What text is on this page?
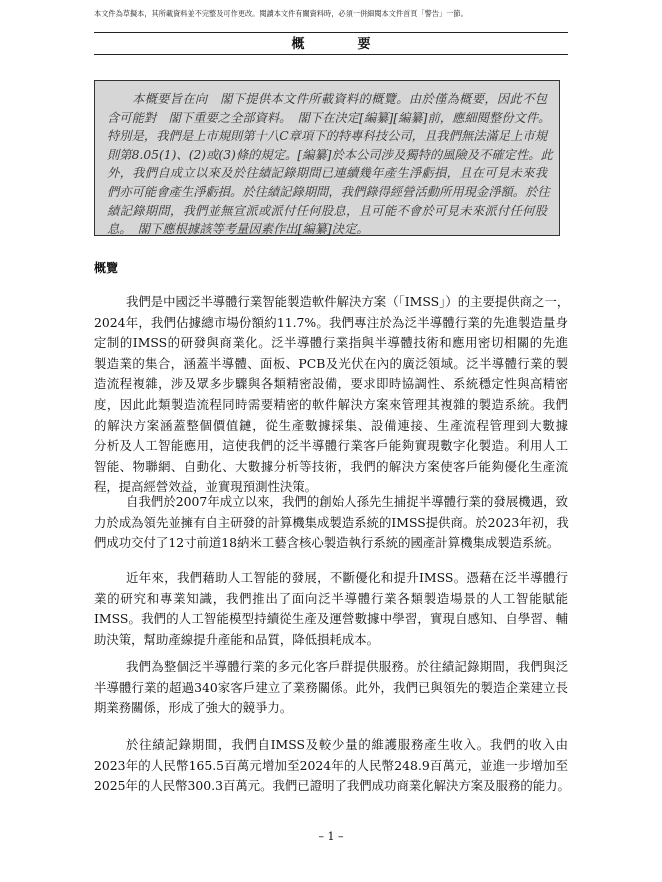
本文件為草擬本，其所載資料並不完整及可作更改。閱讀本文件有關資料時，必須一併細閱本文件首頁「警告」一節。
概　要
本概要旨在向　閣下提供本文件所載資料的概覽。由於僅為概要，因此不包
含可能對　閣下重要之全部資料。　閣下在決定[編纂][編纂]前，應細閱整份文件。
特別是，我們是上市規則第十八C章項下的特專科技公司，且我們無法滿足上市規
則第8.05(1)、(2)或(3)條的規定。[編纂]於本公司涉及獨特的風險及不確定性。此
外，我們自成立以來及於往績記錄期間已連續幾年產生淨虧損，且在可見未來我
們亦可能會產生淨虧損。於往績記錄期間，我們錄得經營活動所用現金淨額。於往
績記錄期間，我們並無宣派或派付任何股息，且可能不會於可見未來派付任何股
息。　閣下應根據該等考量因素作出[編纂]決定。
概覽
我們是中國泛半導體行業智能製造軟件解決方案（「IMSS」）的主要提供商之一，
2024年，我們佔據總市場份額約11.7%。我們專注於為泛半導體行業的先進製造量身
定制的IMSS的研發與商業化。泛半導體行業指與半導體技術和應用密切相關的先進
製造業的集合，涵蓋半導體、面板、PCB及光伏在內的廣泛領域。泛半導體行業的製
造流程複雜，涉及眾多步驟與各類精密設備，要求即時協調性、系統穩定性與高精密
度，因此此類製造流程同時需要精密的軟件解決方案來管理其複雜的製造系統。我們
的解決方案涵蓋整個價值鏈，從生產數據採集、設備連接、生產流程管理到大數據
分析及人工智能應用，這使我們的泛半導體行業客戶能夠實現數字化製造。利用人工
智能、物聯網、自動化、大數據分析等技術，我們的解決方案使客戶能夠優化生產流
程，提高經營效益，並實現預測性決策。
自我們於2007年成立以來，我們的創始人孫先生捕捉半導體行業的發展機遇，致
力於成為領先並擁有自主研發的計算機集成製造系統的IMSS提供商。於2023年初，我
們成功交付了12寸前道18納米工藝含核心製造執行系統的國產計算機集成製造系統。
近年來，我們藉助人工智能的發展，不斷優化和提升IMSS。憑藉在泛半導體行
業的研究和專業知識，我們推出了面向泛半導體行業各類製造場景的人工智能賦能
IMSS。我們的人工智能模型持續從生產及運營數據中學習，實現自感知、自學習、輔
助決策，幫助產線提升產能和品質，降低損耗成本。
我們為整個泛半導體行業的多元化客戶群提供服務。於往績記錄期間，我們與泛
半導體行業的超過340家客戶建立了業務關係。此外，我們已與領先的製造企業建立長
期業務關係，形成了強大的競爭力。
於往績記錄期間，我們自IMSS及較少量的維護服務產生收入。我們的收入由
2023年的人民幣165.5百萬元增加至2024年的人民幣248.9百萬元，並進一步增加至
2025年的人民幣300.3百萬元。我們已證明了我們成功商業化解決方案及服務的能力。
– 1 –
